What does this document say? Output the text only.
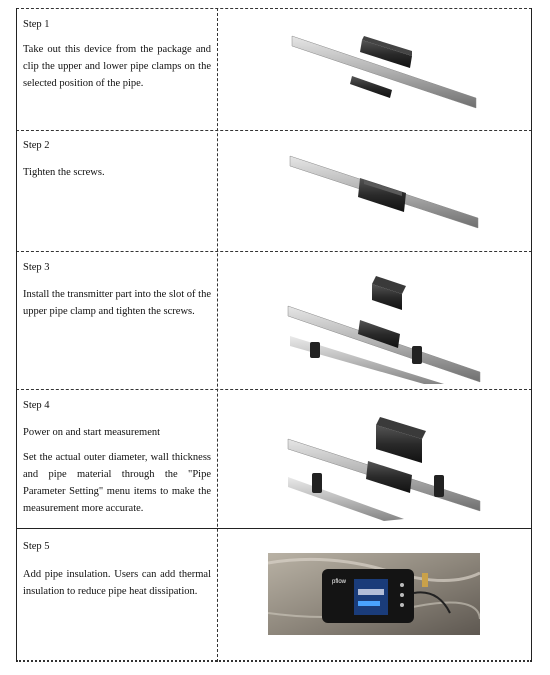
Step 1

Take out this device from the package and clip the upper and lower pipe clamps on the selected position of the pipe.

Step 2

Tighten the screws.

Step 3

Install the transmitter part into the slot of the upper pipe clamp and tighten the screws.

Step 4

Power on and start measurement

Set the actual outer diameter, wall thickness and pipe material through the "Pipe Parameter Setting" menu items to make the measurement more accurate.

Step 5

Add pipe insulation. Users can add thermal insulation to reduce pipe heat dissipation.

pflow
